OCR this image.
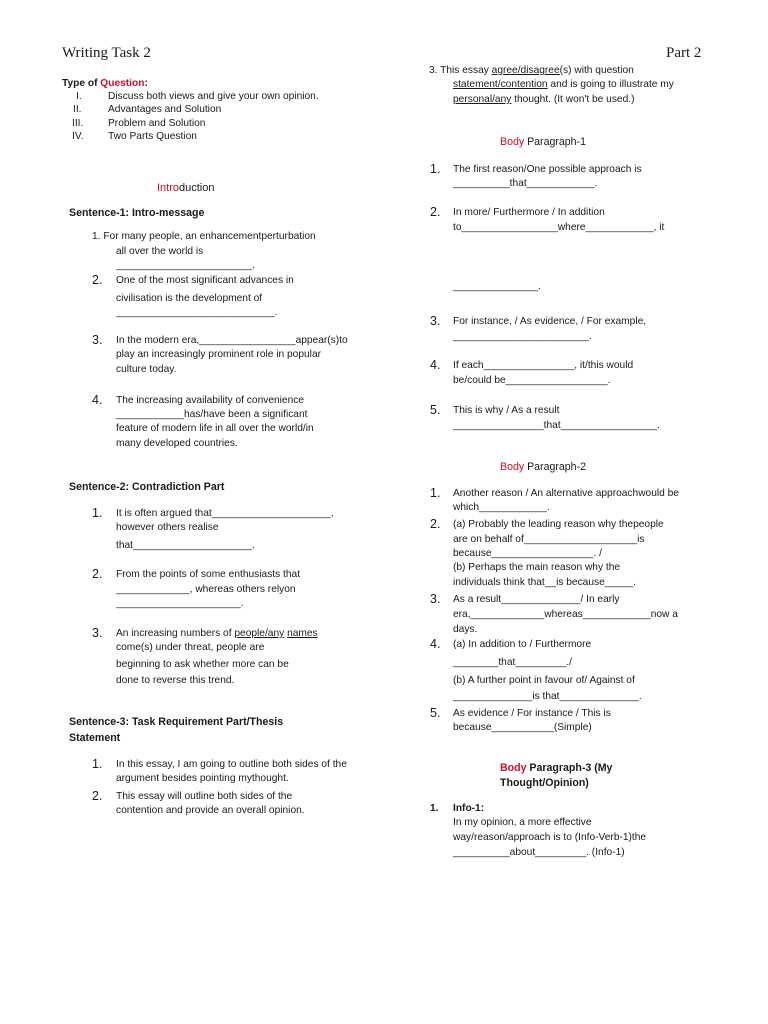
Writing Task 2	Part 2
Type of Question:
I.	Discuss both views and give your own opinion.
II.	Advantages and Solution
III. Problem and Solution
IV. Two Parts Question
Introduction
Sentence-1: Intro-message
1. For many people, an enhancementperturbation
all over the world is
________________________.
2. One of the most significant advances in
civilisation is the development of
____________________________.
3. In the modern era,_________________appear(s)to
play an increasingly prominent role in popular
culture today.
4. The increasing availability of convenience
____________has/have been a significant
feature of modern life in all over the world/in
many developed countries.
Sentence-2: Contradiction Part
1. It is often argued that_____________________,
however others realise
that_____________________.
2. From the points of some enthusiasts that
_____________, whereas others relyon
______________________.
3. An increasing numbers of people/any names
come(s) under threat, people are
beginning to ask whether more can be
done to reverse this trend.
Sentence-3: Task Requirement Part/Thesis
Statement
1. In this essay, I am going to outline both sides of the
argument besides pointing mythought.
2. This essay will outline both sides of the
contention and provide an overall opinion.
3. This essay agree/disagree(s) with question
statement/contention and is going to illustrate my
personal/any thought. (It won't be used.)
Body Paragraph-1
1. The first reason/One possible approach is
__________that____________.
2. In more/ Furthermore / In addition
to_________________where____________, it
_______________.
3. For instance, / As evidence, / For example,
________________________.
4. If each________________, it/this would
be/could be__________________.
5. This is why / As a result
________________that_________________.
Body Paragraph-2
1. Another reason / An alternative approachwould be
which____________.
2. (a) Probably the leading reason why thepeople
are on behalf of____________________is
because__________________. /
(b) Perhaps the main reason why the
individuals think that__is because_____.
3. As a result______________/ In early
era,_____________whereas____________now a
days.
4. (a) In addition to / Furthermore
________that_________./
(b) A further point in favour of/ Against of
______________is that______________.
5. As evidence / For instance / This is
because___________(Simple)
Body Paragraph-3 (My
Thought/Opinion)
1. Info-1:
In my opinion, a more effective
way/reason/approach is to (Info-Verb-1)the
__________about_________. (Info-1)
